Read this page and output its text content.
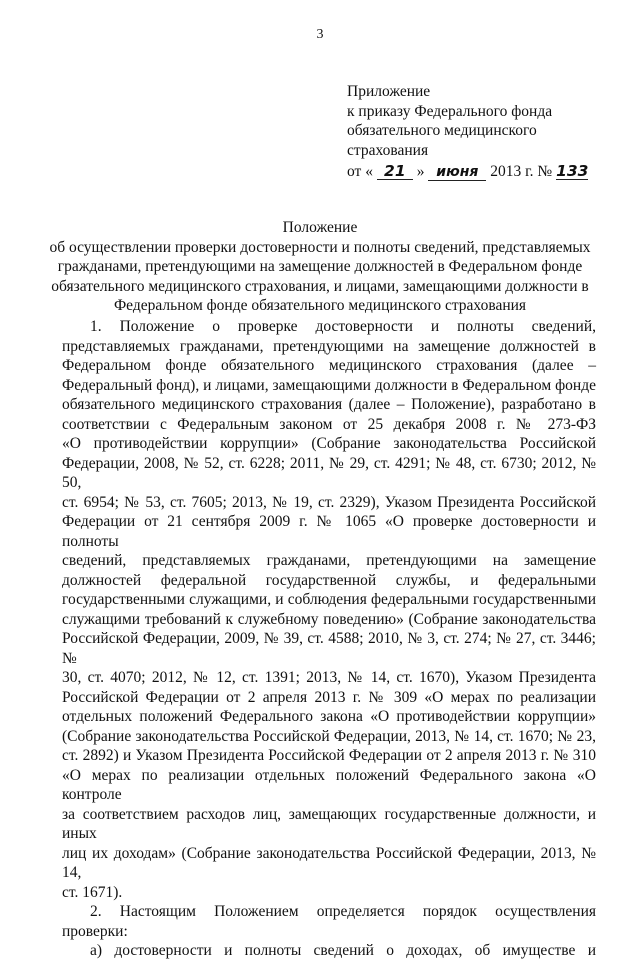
3
Приложение
к приказу Федерального фонда
обязательного медицинского
страхования
от « 21 » июня 2013 г. № 133
Положение
об осуществлении проверки достоверности и полноты сведений, представляемых
гражданами, претендующими на замещение должностей в Федеральном фонде
обязательного медицинского страхования, и лицами, замещающими должности в
Федеральном фонде обязательного медицинского страхования
1. Положение о проверке достоверности и полноты сведений,
представляемых гражданами, претендующими на замещение должностей в
Федеральном фонде обязательного медицинского страхования (далее –
Федеральный фонд), и лицами, замещающими должности в Федеральном фонде
обязательного медицинского страхования (далее – Положение), разработано в
соответствии с Федеральным законом от 25 декабря 2008 г. № 273-ФЗ
«О противодействии коррупции» (Собрание законодательства Российской
Федерации, 2008, № 52, ст. 6228; 2011, № 29, ст. 4291; № 48, ст. 6730; 2012, № 50,
ст. 6954; № 53, ст. 7605; 2013, № 19, ст. 2329), Указом Президента Российской
Федерации от 21 сентября 2009 г. № 1065 «О проверке достоверности и полноты
сведений, представляемых гражданами, претендующими на замещение
должностей федеральной государственной службы, и федеральными
государственными служащими, и соблюдения федеральными государственными
служащими требований к служебному поведению» (Собрание законодательства
Российской Федерации, 2009, № 39, ст. 4588; 2010, № 3, ст. 274; № 27, ст. 3446; №
30, ст. 4070; 2012, № 12, ст. 1391; 2013, № 14, ст. 1670), Указом Президента
Российской Федерации от 2 апреля 2013 г. № 309 «О мерах по реализации
отдельных положений Федерального закона «О противодействии коррупции»
(Собрание законодательства Российской Федерации, 2013, № 14, ст. 1670; № 23,
ст. 2892) и Указом Президента Российской Федерации от 2 апреля 2013 г. № 310
«О мерах по реализации отдельных положений Федерального закона «О контроле
за соответствием расходов лиц, замещающих государственные должности, и иных
лиц их доходам» (Собрание законодательства Российской Федерации, 2013, № 14,
ст. 1671).
2. Настоящим Положением определяется порядок осуществления
проверки:
а) достоверности и полноты сведений о доходах, об имуществе и
